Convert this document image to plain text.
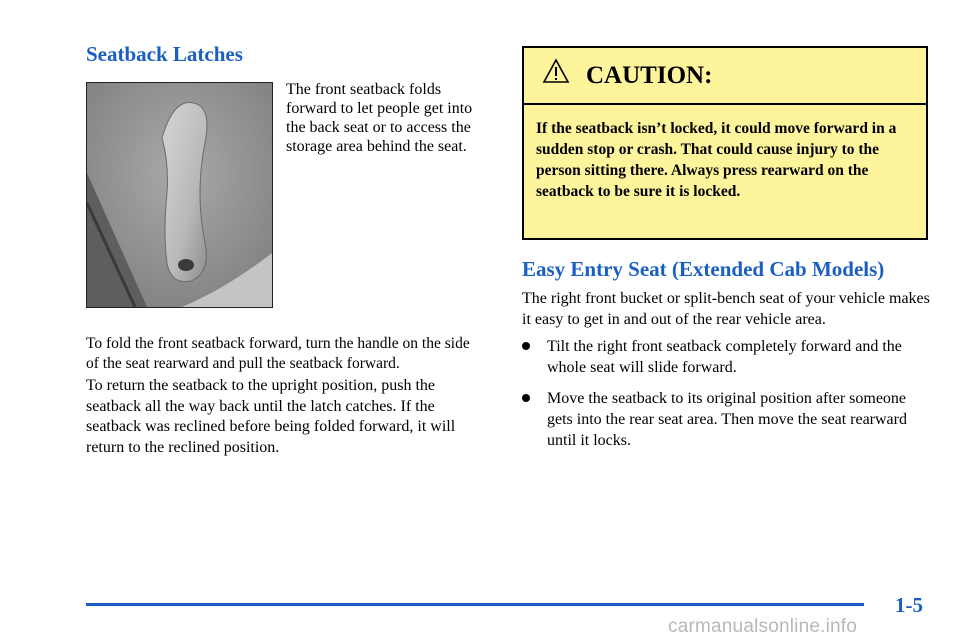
Seatback Latches
The front seatback folds forward to let people get into the back seat or to access the storage area behind the seat.
To fold the front seatback forward, turn the handle on the side of the seat rearward and pull the seatback forward.
To return the seatback to the upright position, push the seatback all the way back until the latch catches. If the seatback was reclined before being folded forward, it will return to the reclined position.
CAUTION:
If the seatback isn’t locked, it could move forward in a sudden stop or crash. That could cause injury to the person sitting there. Always press rearward on the seatback to be sure it is locked.
Easy Entry Seat (Extended Cab Models)
The right front bucket or split-bench seat of your vehicle makes it easy to get in and out of the rear vehicle area.
Tilt the right front seatback completely forward and the whole seat will slide forward.
Move the seatback to its original position after someone gets into the rear seat area. Then move the seat rearward until it locks.
1-5
carmanualsonline.info
